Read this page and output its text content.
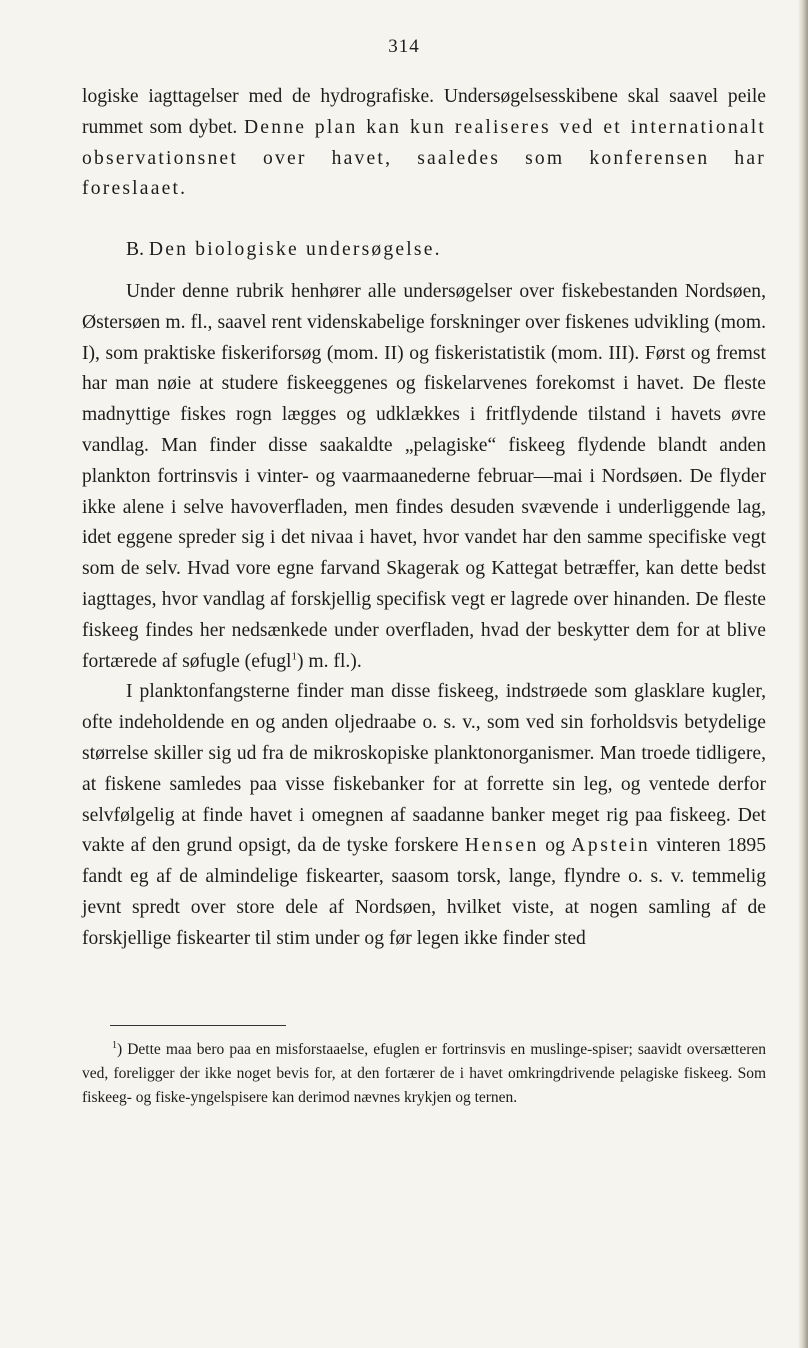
314

logiske iagttagelser med de hydrografiske. Undersøgelsesskibene skal saavel peile rummet som dybet. Denne plan kan kun realiseres ved et internationalt observationsnet over havet, saaledes som konferensen har foreslaaet.

B. Den biologiske undersøgelse.

Under denne rubrik henhører alle undersøgelser over fiskebestanden Nordsøen, Østersøen m. fl., saavel rent videnskabelige forskninger over fiskenes udvikling (mom. I), som praktiske fiskeriforsøg (mom. II) og fiskeristatistik (mom. III). Først og fremst har man nøie at studere fiskeeggenes og fiskelarvenes forekomst i havet. De fleste madnyttige fiskes rogn lægges og udklækkes i fritflydende tilstand i havets øvre vandlag. Man finder disse saakaldte „pelagiske“ fiskeeg flydende blandt anden plankton fortrinsvis i vinter- og vaarmaanederne februar—mai i Nordsøen. De flyder ikke alene i selve havoverfladen, men findes desuden svævende i underliggende lag, idet eggene spreder sig i det nivaa i havet, hvor vandet har den samme specifiske vegt som de selv. Hvad vore egne farvand Skagerak og Kattegat betræffer, kan dette bedst iagttages, hvor vandlag af forskjellig specifisk vegt er lagrede over hinanden. De fleste fiskeeg findes her nedsænkede under overfladen, hvad der beskytter dem for at blive fortærede af søfugle (efugl$^1$) m. fl.).

I planktonfangsterne finder man disse fiskeeg, indstrøede som glasklare kugler, ofte indeholdende en og anden oljedraabe o. s. v., som ved sin forholdsvis betydelige størrelse skiller sig ud fra de mikroskopiske planktonorganismer. Man troede tidligere, at fiskene samledes paa visse fiskebanker for at forrette sin leg, og ventede derfor selvfølgelig at finde havet i omegnen af saadanne banker meget rig paa fiskeeg. Det vakte af den grund opsigt, da de tyske forskere Hensen og Apstein vinteren 1895 fandt eg af de almindelige fiskearter, saasom torsk, lange, flyndre o. s. v. temmelig jevnt spredt over store dele af Nordsøen, hvilket viste, at nogen samling af de forskjellige fiskearter til stim under og før legen ikke finder sted

$^1$) Dette maa bero paa en misforstaaelse, efuglen er fortrinsvis en muslinge-spiser; saavidt oversætteren ved, foreligger der ikke noget bevis for, at den fortærer de i havet omkringdrivende pelagiske fiskeeg. Som fiskeeg- og fiske-yngelspisere kan derimod nævnes krykjen og ternen.
